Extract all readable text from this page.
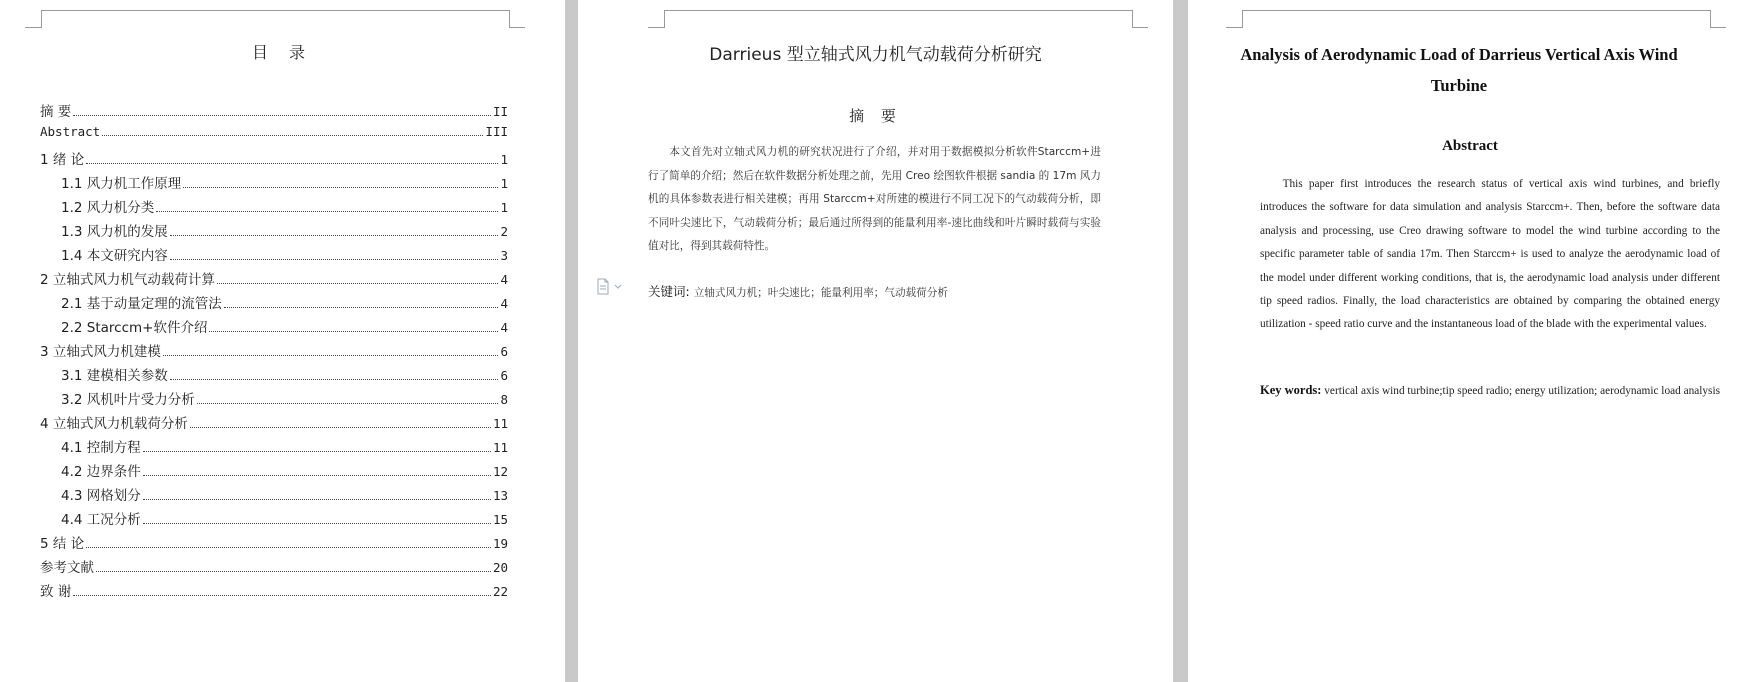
目 录
摘 要	II
Abstract	III
1 绪 论	1
1.1 风力机工作原理	1
1.2 风力机分类	1
1.3 风力机的发展	2
1.4 本文研究内容	3
2 立轴式风力机气动载荷计算	4
2.1 基于动量定理的流管法	4
2.2 Starccm+软件介绍	4
3 立轴式风力机建模	6
3.1 建模相关参数	6
3.2 风机叶片受力分析	8
4 立轴式风力机载荷分析	11
4.1 控制方程	11
4.2 边界条件	12
4.3 网格划分	13
4.4 工况分析	15
5 结 论	19
参考文献	20
致 谢	22
Darrieus 型立轴式风力机气动载荷分析研究
摘 要
本文首先对立轴式风力机的研究状况进行了介绍，并对用于数据模拟分析软件Starccm+进行了简单的介绍；然后在软件数据分析处理之前，先用 Creo 绘图软件根据 sandia 的 17m 风力机的具体参数表进行相关建模；再用 Starccm+对所建的模进行不同工况下的气动载荷分析，即不同叶尖速比下，气动载荷分析；最后通过所得到的能量利用率-速比曲线和叶片瞬时载荷与实验值对比，得到其载荷特性。
关键词: 立轴式风力机；叶尖速比；能量利用率；气动载荷分析
Analysis of Aerodynamic Load of Darrieus Vertical Axis Wind Turbine
Abstract
This paper first introduces the research status of vertical axis wind turbines, and briefly introduces the software for data simulation and analysis Starccm+. Then, before the software data analysis and processing, use Creo drawing software to model the wind turbine according to the specific parameter table of sandia 17m. Then Starccm+ is used to analyze the aerodynamic load of the model under different working conditions, that is, the aerodynamic load analysis under different tip speed radios. Finally, the load characteristics are obtained by comparing the obtained energy utilization - speed ratio curve and the instantaneous load of the blade with the experimental values.
Key words: vertical axis wind turbine;tip speed radio; energy utilization; aerodynamic load analysis
